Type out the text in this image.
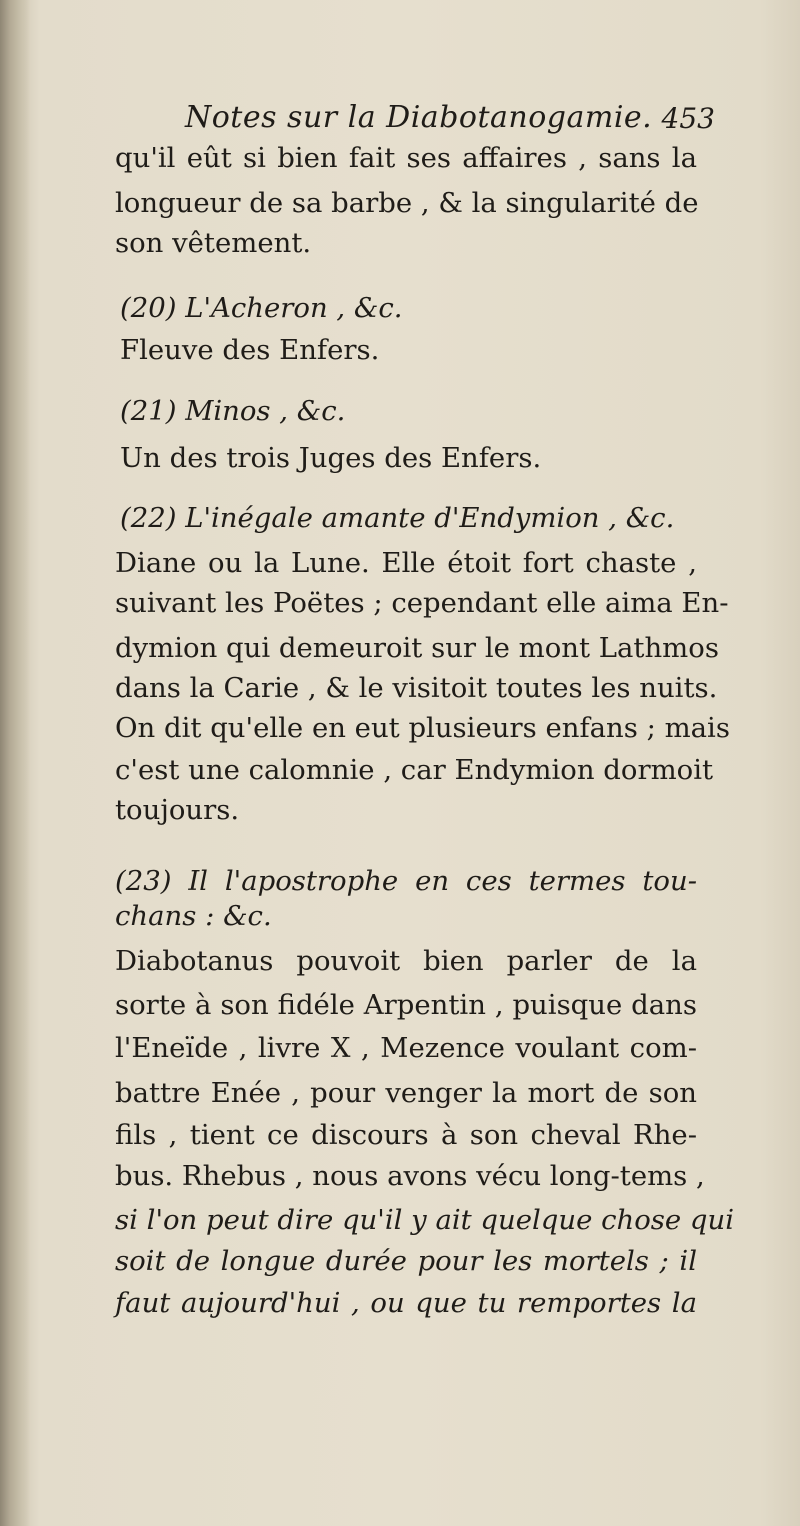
Notes sur la Diabotanogamie. 453
qu'il eût si bien fait ses affaires , sans la
longueur de sa barbe , & la singularité de
son vêtement.
(20) L'Acheron , &c.
Fleuve des Enfers.
(21) Minos , &c.
Un des trois Juges des Enfers.
(22) L'inégale amante d'Endymion , &c.
Diane ou la Lune. Elle étoit fort chaste ,
suivant les Poëtes ; cependant elle aima En-
dymion qui demeuroit sur le mont Lathmos
dans la Carie , & le visitoit toutes les nuits.
On dit qu'elle en eut plusieurs enfans ; mais
c'est une calomnie , car Endymion dormoit
toujours.
(23) Il l'apostrophe en ces termes tou-
chans : &c.
Diabotanus pouvoit bien parler de la
sorte à son fidéle Arpentin , puisque dans
l'Eneïde , livre X , Mezence voulant com-
battre Enée , pour venger la mort de son
fils , tient ce discours à son cheval Rhe-
bus. Rhebus , nous avons vécu long-tems ,
si l'on peut dire qu'il y ait quelque chose qui
soit de longue durée pour les mortels ; il
faut aujourd'hui , ou que tu remportes la
